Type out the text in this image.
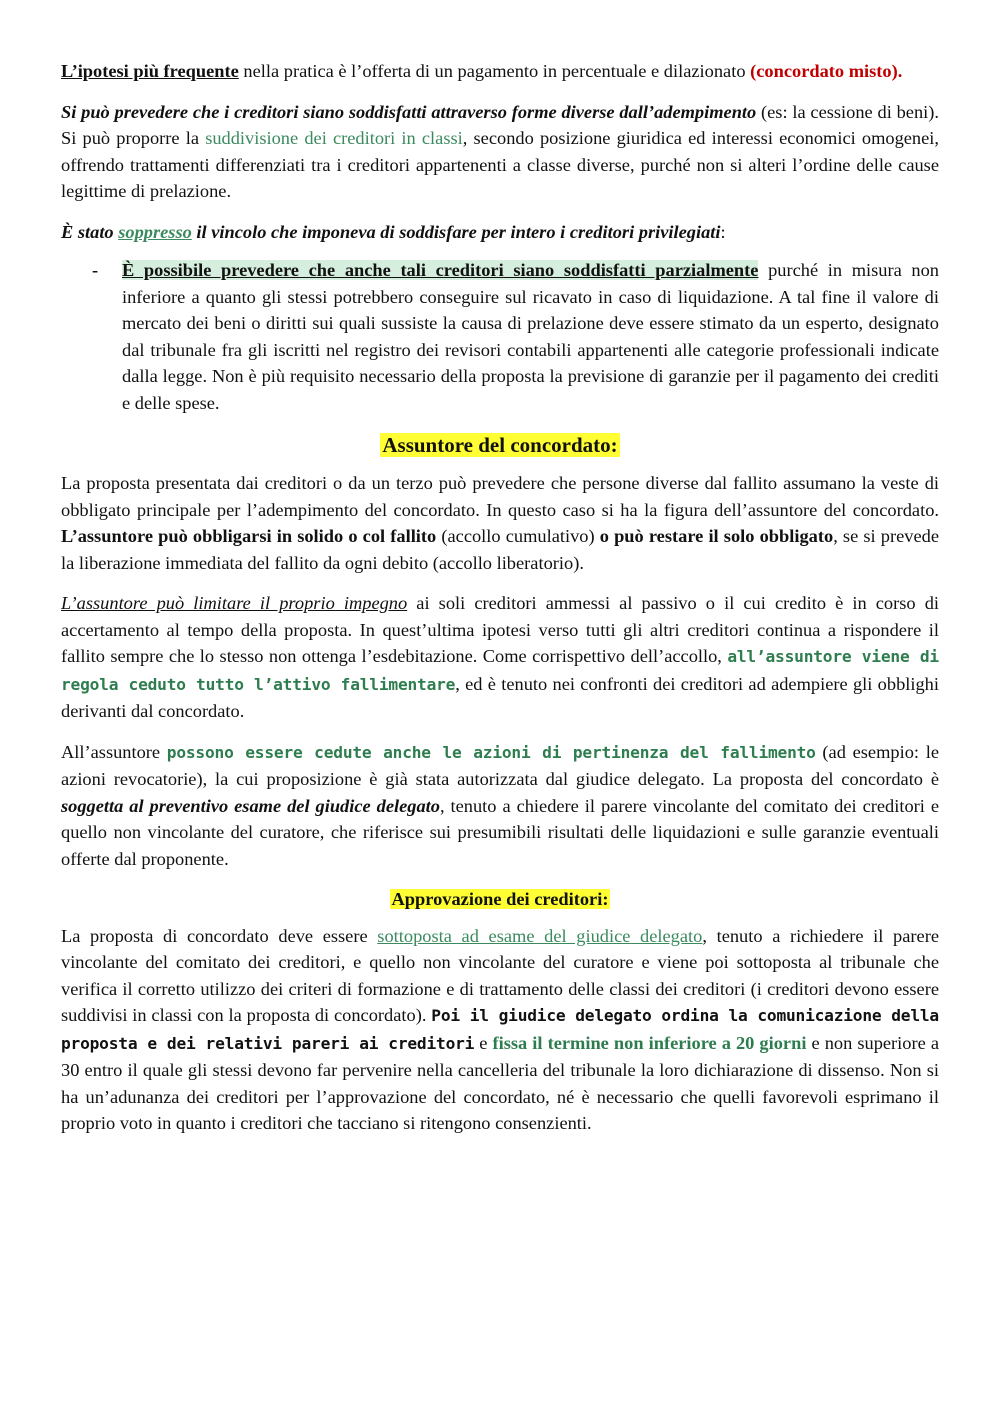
L’ipotesi più frequente nella pratica è l’offerta di un pagamento in percentuale e dilazionato (concordato misto).

Si può prevedere che i creditori siano soddisfatti attraverso forme diverse dall’adempimento (es: la cessione di beni). Si può proporre la suddivisione dei creditori in classi, secondo posizione giuridica ed interessi economici omogenei, offrendo trattamenti differenziati tra i creditori appartenenti a classe diverse, purché non si alteri l’ordine delle cause legittime di prelazione.

È stato soppresso il vincolo che imponeva di soddisfare per intero i creditori privilegiati:

- È possibile prevedere che anche tali creditori siano soddisfatti parzialmente purché in misura non inferiore a quanto gli stessi potrebbero conseguire sul ricavato in caso di liquidazione. A tal fine il valore di mercato dei beni o diritti sui quali sussiste la causa di prelazione deve essere stimato da un esperto, designato dal tribunale fra gli iscritti nel registro dei revisori contabili appartenenti alle categorie professionali indicate dalla legge. Non è più requisito necessario della proposta la previsione di garanzie per il pagamento dei crediti e delle spese.

Assuntore del concordato:

La proposta presentata dai creditori o da un terzo può prevedere che persone diverse dal fallito assumano la veste di obbligato principale per l’adempimento del concordato. In questo caso si ha la figura dell’assuntore del concordato. L’assuntore può obbligarsi in solido o col fallito (accollo cumulativo) o può restare il solo obbligato, se si prevede la liberazione immediata del fallito da ogni debito (accollo liberatorio).

L’assuntore può limitare il proprio impegno ai soli creditori ammessi al passivo o il cui credito è in corso di accertamento al tempo della proposta. In quest’ultima ipotesi verso tutti gli altri creditori continua a rispondere il fallito sempre che lo stesso non ottenga l’esdebitazione. Come corrispettivo dell’accollo, all’assuntore viene di regola ceduto tutto l’attivo fallimentare, ed è tenuto nei confronti dei creditori ad adempiere gli obblighi derivanti dal concordato.

All’assuntore possono essere cedute anche le azioni di pertinenza del fallimento (ad esempio: le azioni revocatorie), la cui proposizione è già stata autorizzata dal giudice delegato. La proposta del concordato è soggetta al preventivo esame del giudice delegato, tenuto a chiedere il parere vincolante del comitato dei creditori e quello non vincolante del curatore, che riferisce sui presumibili risultati delle liquidazioni e sulle garanzie eventuali offerte dal proponente.

Approvazione dei creditori:

La proposta di concordato deve essere sottoposta ad esame del giudice delegato, tenuto a richiedere il parere vincolante del comitato dei creditori, e quello non vincolante del curatore e viene poi sottoposta al tribunale che verifica il corretto utilizzo dei criteri di formazione e di trattamento delle classi dei creditori (i creditori devono essere suddivisi in classi con la proposta di concordato). Poi il giudice delegato ordina la comunicazione della proposta e dei relativi pareri ai creditori e fissa il termine non inferiore a 20 giorni e non superiore a 30 entro il quale gli stessi devono far pervenire nella cancelleria del tribunale la loro dichiarazione di dissenso. Non si ha un’adunanza dei creditori per l’approvazione del concordato, né è necessario che quelli favorevoli esprimano il proprio voto in quanto i creditori che tacciano si ritengono consenzienti.
